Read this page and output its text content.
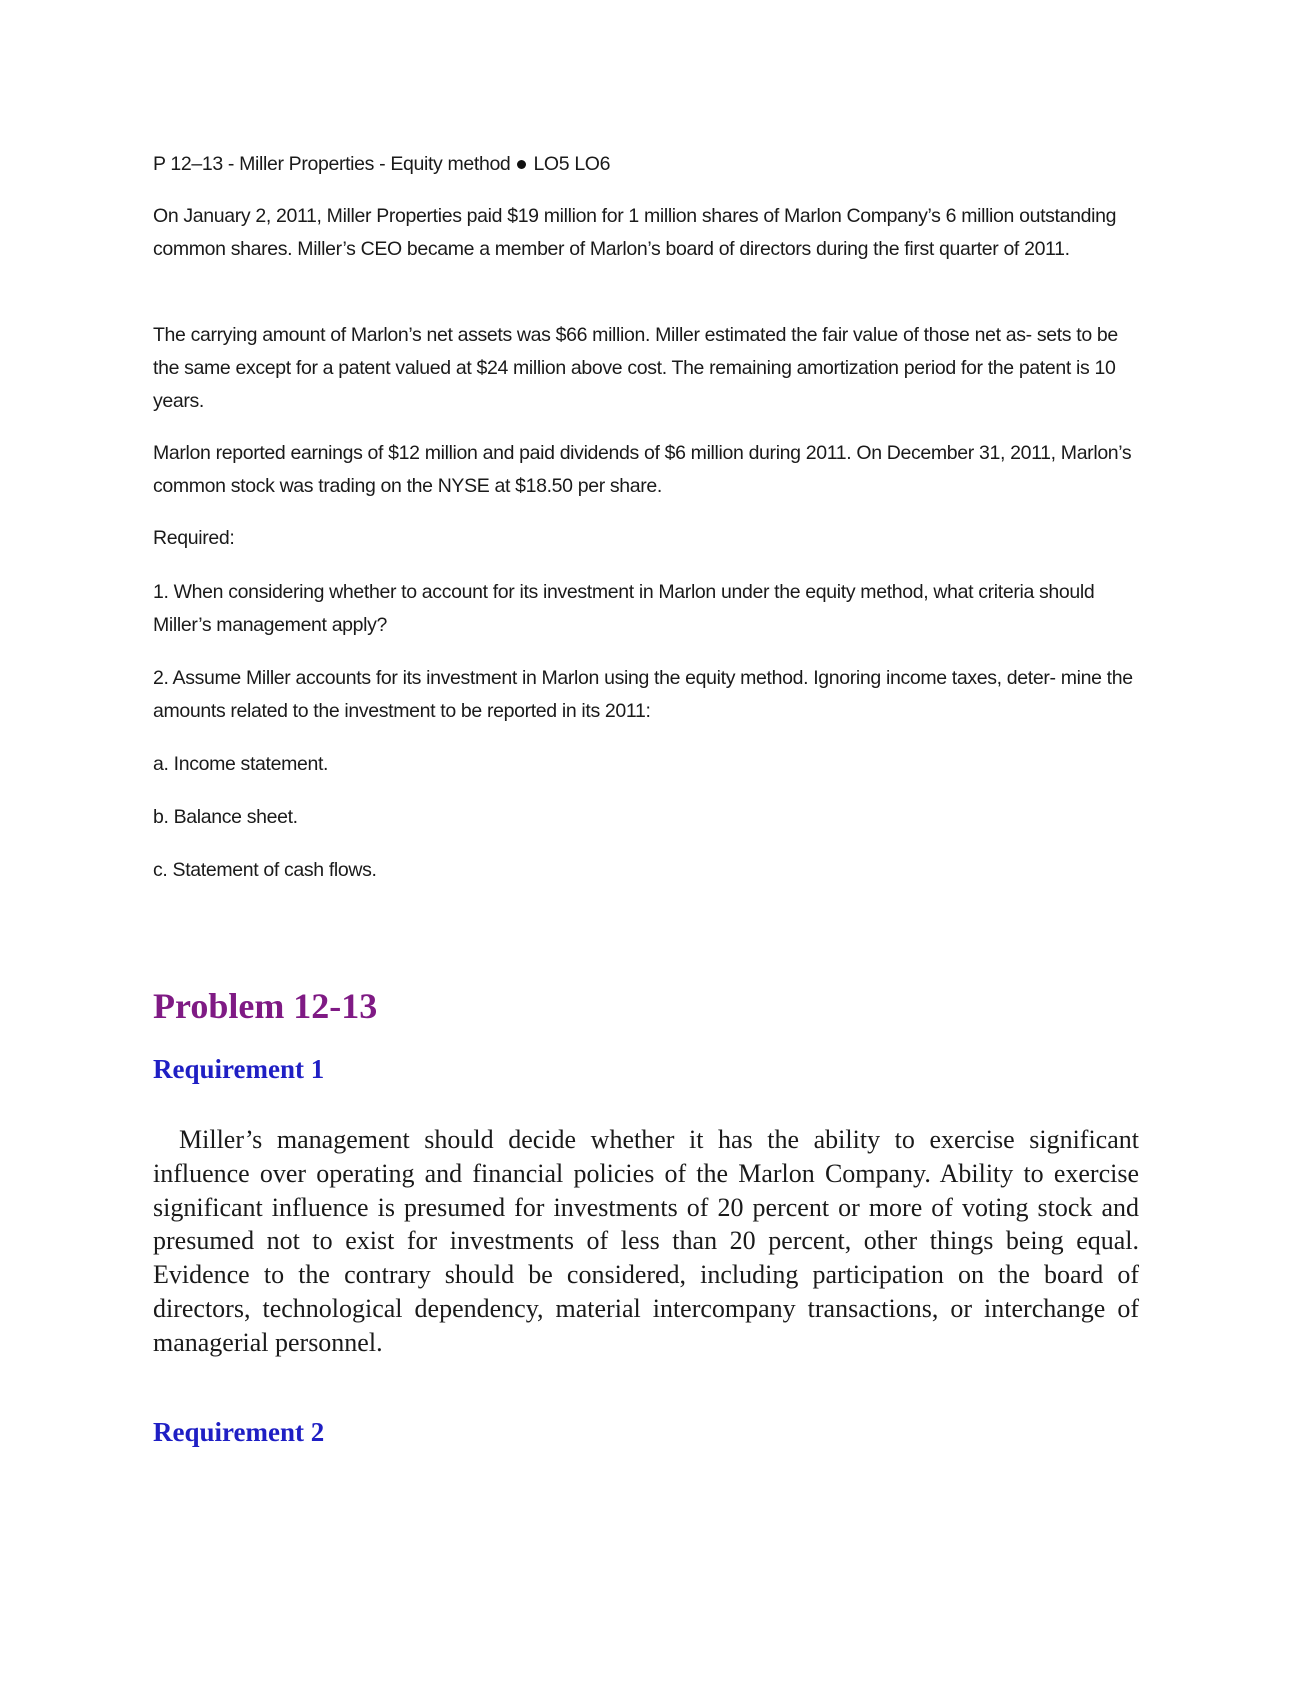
P 12–13 - Miller Properties - Equity method LO5 LO6

On January 2, 2011, Miller Properties paid $19 million for 1 million shares of Marlon Company’s 6 million outstanding common shares. Miller’s CEO became a member of Marlon’s board of directors during the first quarter of 2011.

The carrying amount of Marlon’s net assets was $66 million. Miller estimated the fair value of those net as- sets to be the same except for a patent valued at $24 million above cost. The remaining amortization period for the patent is 10 years.

Marlon reported earnings of $12 million and paid dividends of $6 million during 2011. On December 31, 2011, Marlon’s common stock was trading on the NYSE at $18.50 per share.

Required:

1. When considering whether to account for its investment in Marlon under the equity method, what criteria should Miller’s management apply?

2. Assume Miller accounts for its investment in Marlon using the equity method. Ignoring income taxes, deter- mine the amounts related to the investment to be reported in its 2011:

a. Income statement.

b. Balance sheet.

c. Statement of cash flows.

Problem 12-13
Requirement 1

Miller’s management should decide whether it has the ability to exercise significant influence over operating and financial policies of the Marlon Company. Ability to exercise significant influence is presumed for investments of 20 percent or more of voting stock and presumed not to exist for investments of less than 20 percent, other things being equal. Evidence to the contrary should be considered, including participation on the board of directors, technological dependency, material intercompany transactions, or interchange of managerial personnel.

Requirement 2
